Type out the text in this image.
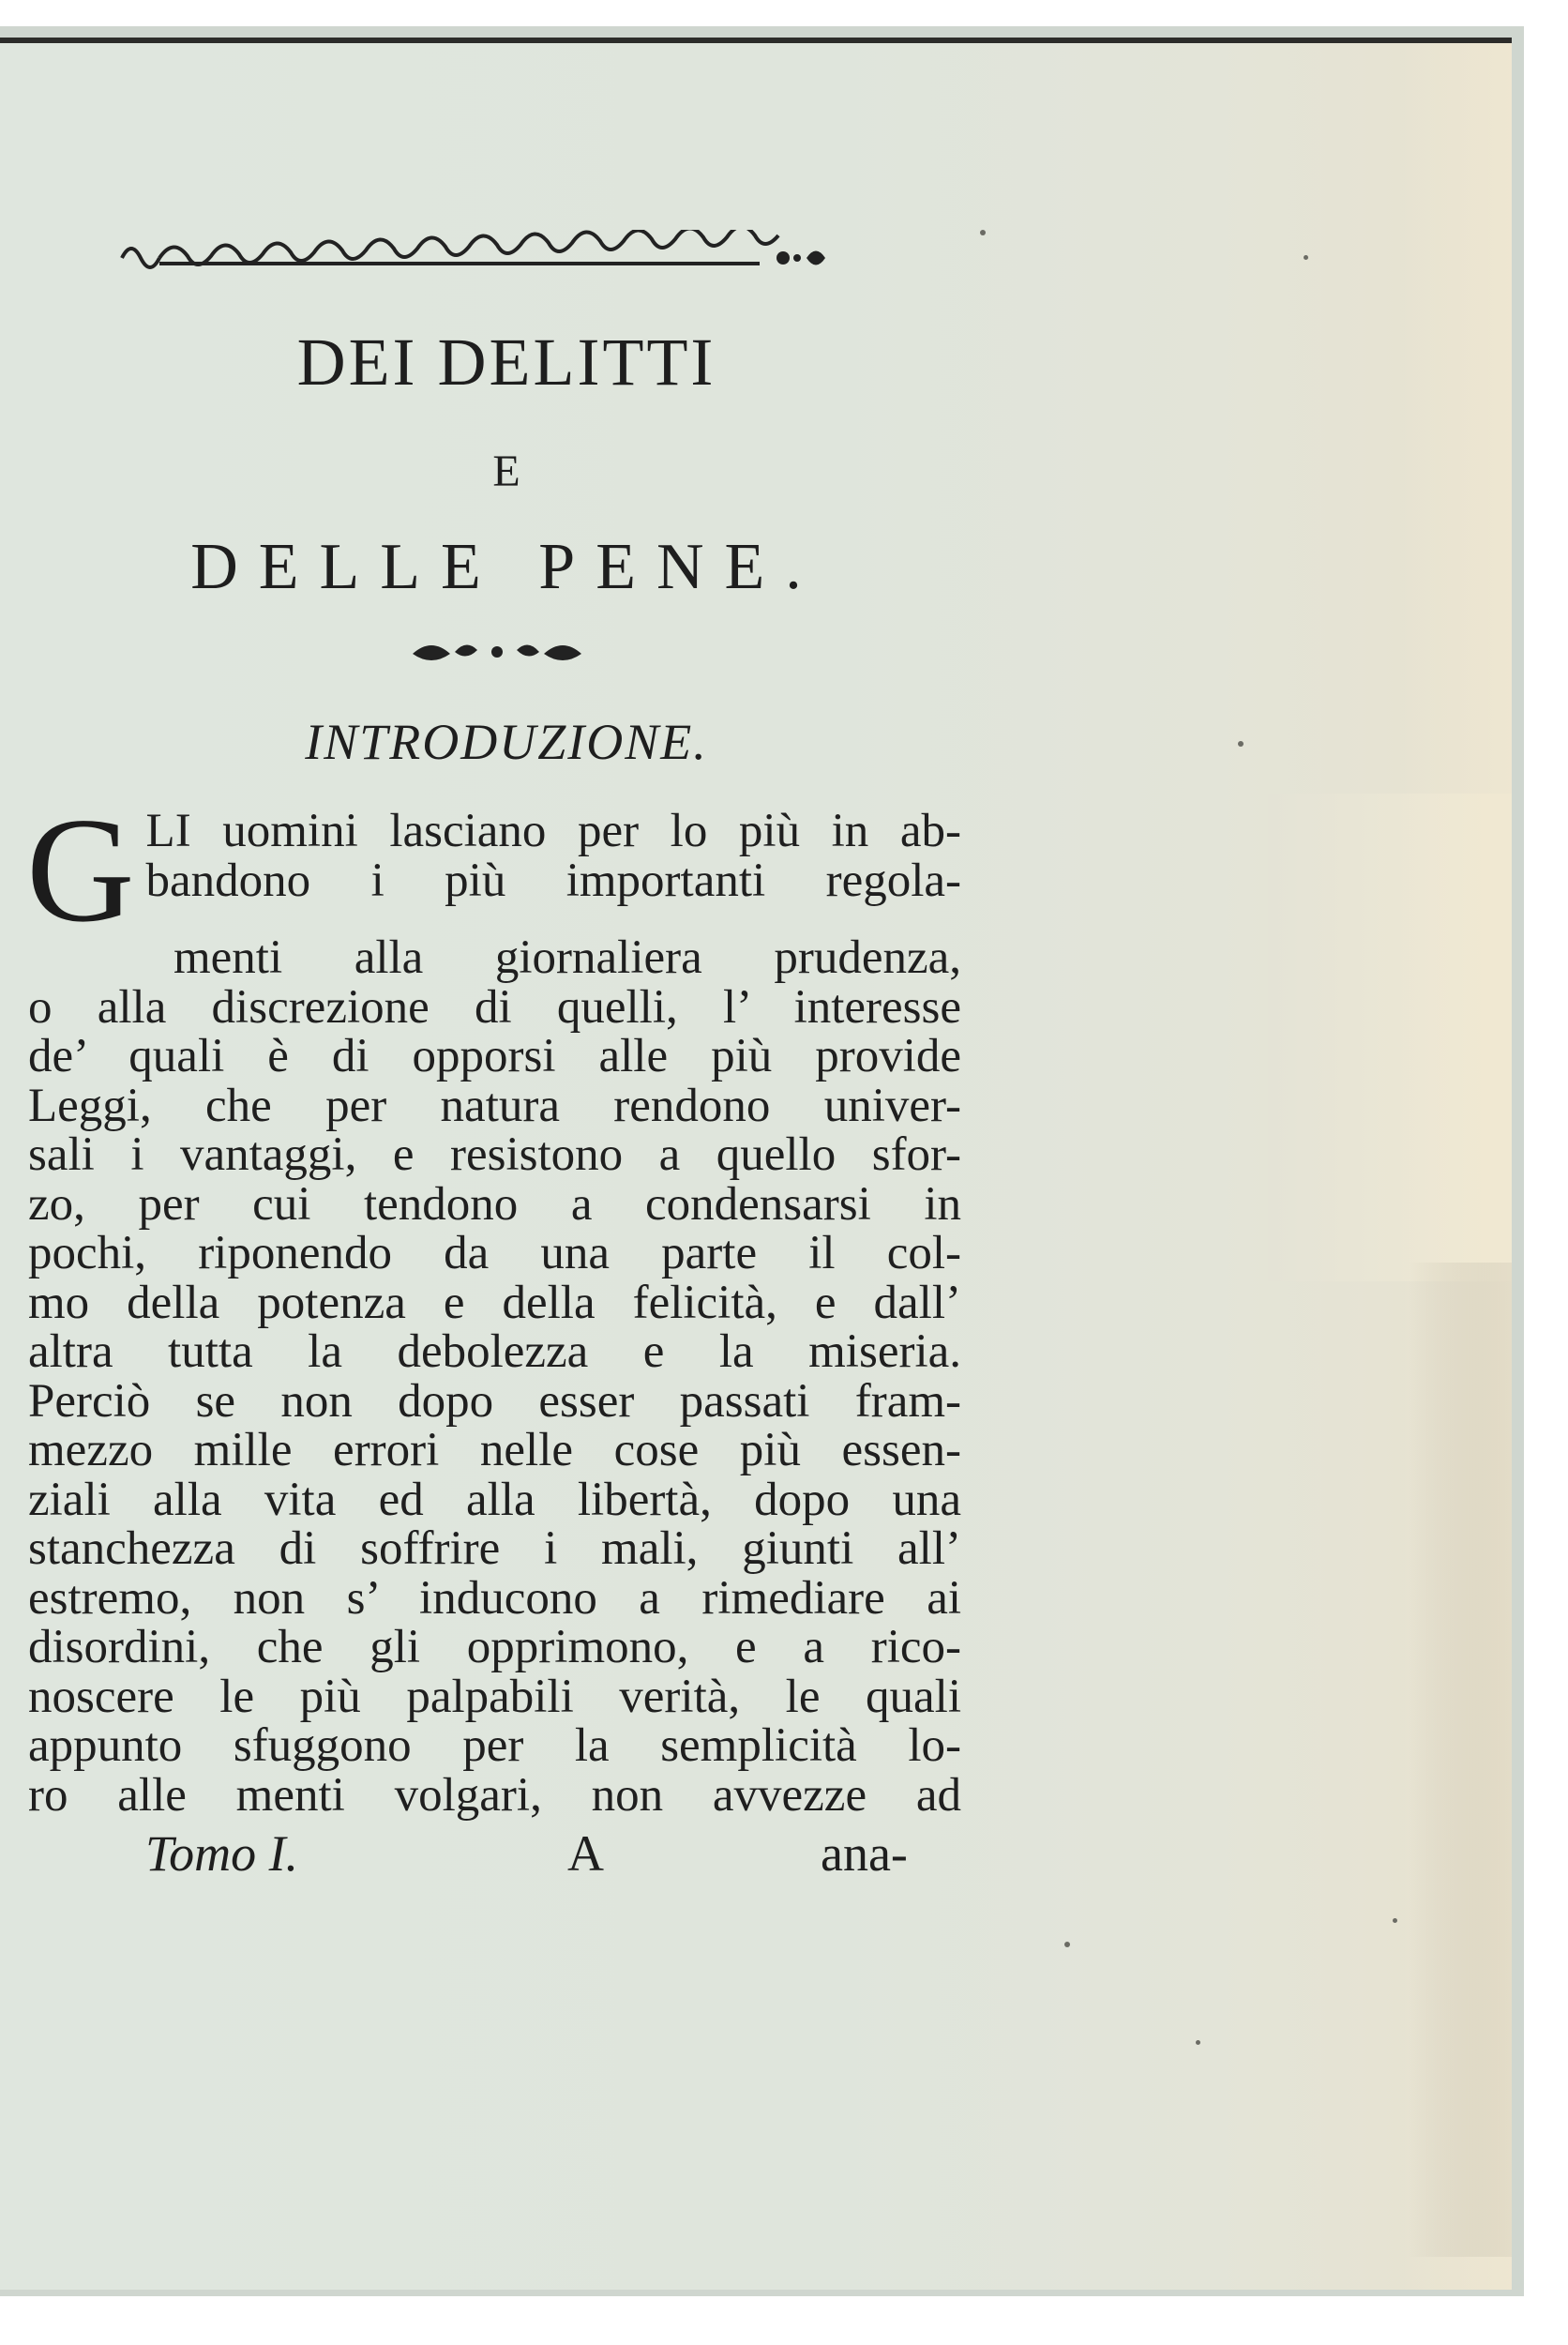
DEI DELITTI
E
DELLE PENE.
INTRODUZIONE.
G LI uomini lasciano per lo più in ab-
bandono i più importanti regola-
menti alla giornaliera prudenza,
o alla discrezione di quelli, l’ interesse
de’ quali è di opporsi alle più provide
Leggi, che per natura rendono univer-
sali i vantaggi, e resistono a quello sfor-
zo, per cui tendono a condensarsi in
pochi, riponendo da una parte il col-
mo della potenza e della felicità, e dall’
altra tutta la debolezza e la miseria.
Perciò se non dopo esser passati fram-
mezzo mille errori nelle cose più essen-
ziali alla vita ed alla libertà, dopo una
stanchezza di soffrire i mali, giunti all’
estremo, non s’ inducono a rimediare ai
disordini, che gli opprimono, e a rico-
noscere le più palpabili verità, le quali
appunto sfuggono per la semplicità lo-
ro alle menti volgari, non avvezze ad
Tomo I.	A	ana-
